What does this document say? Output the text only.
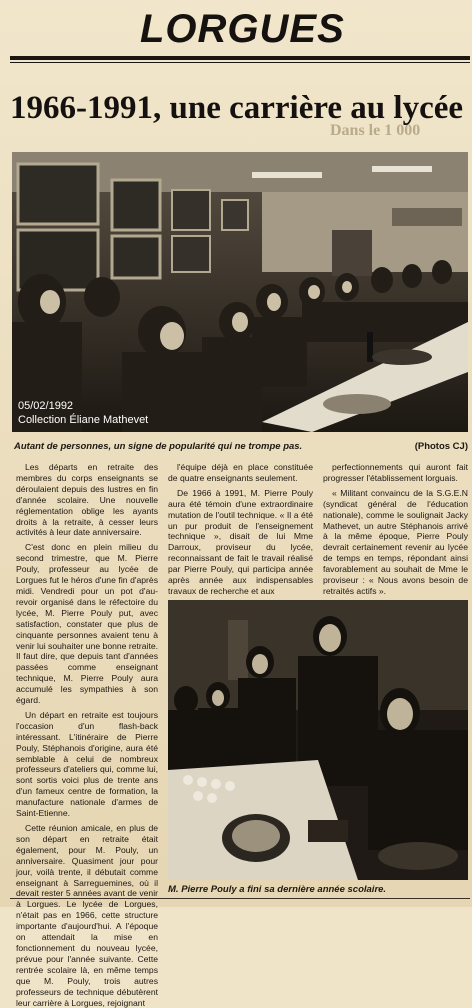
LORGUES
Dans le 1 000
1966-1991, une carrière au lycée
05/02/1992
Collection Éliane Mathevet
Autant de personnes, un signe de popularité qui ne trompe pas.	(Photos CJ)

Les départs en retraite des membres du corps enseignants se déroulaient depuis des lustres en fin d'année scolaire. Une nouvelle réglementation oblige les ayants droits à la retraite, à cesser leurs activités à leur date anniversaire.

C'est donc en plein milieu du second trimestre, que M. Pierre Pouly, professeur au lycée de Lorgues fut le héros d'une fin d'après midi. Vendredi pour un pot d'au-revoir organisé dans le réfectoire du lycée, M. Pierre Pouly put, avec satisfaction, constater que plus de cinquante personnes avaient tenu à venir lui souhaiter une bonne retraite. Il faut dire, que depuis tant d'années passées comme enseignant technique, M. Pierre Pouly aura accumulé les sympathies à son égard.

Un départ en retraite est toujours l'occasion d'un flash-back intéressant. L'itinéraire de Pierre Pouly, Stéphanois d'origine, aura été semblable à celui de nombreux professeurs d'ateliers qui, comme lui, sont sortis voici plus de trente ans d'un fameux centre de formation, la manufacture nationale d'armes de Saint-Etienne.

Cette réunion amicale, en plus de son départ en retraite était également, pour M. Pouly, un anniversaire. Quasiment jour pour jour, voilà trente, il débutait comme enseignant à Sarreguemines, où il devait rester 5 années avant de venir à Lorgues. Le lycée de Lorgues, n'était pas en 1966, cette structure importante d'aujourd'hui. A l'époque on attendait la mise en fonctionnement du nouveau lycée, prévue pour l'année suivante. Cette rentrée scolaire là, en même temps que M. Pouly, trois autres professeurs de technique débutèrent leur carrière à Lorgues, rejoignant

l'équipe déjà en place constituée de quatre enseignants seulement.

De 1966 à 1991, M. Pierre Pouly aura été témoin d'une extraordinaire mutation de l'outil technique. « Il a été un pur produit de l'enseignement technique », disait de lui Mme Darroux, proviseur du lycée, reconnaissant de fait le travail réalisé par Pierre Pouly, qui participa année après année aux indispensables travaux de recherche et aux

perfectionnements qui auront fait progresser l'établissement lorguais.

« Militant convaincu de la S.G.E.N (syndicat général de l'éducation nationale), comme le soulignait Jacky Mathevet, un autre Stéphanois arrivé à la même époque, Pierre Pouly devrait certainement revenir au lycée de temps en temps, répondant ainsi favorablement au souhait de Mme le proviseur : « Nous avons besoin de retraités actifs ».

M. Pierre Pouly a fini sa dernière année scolaire.
